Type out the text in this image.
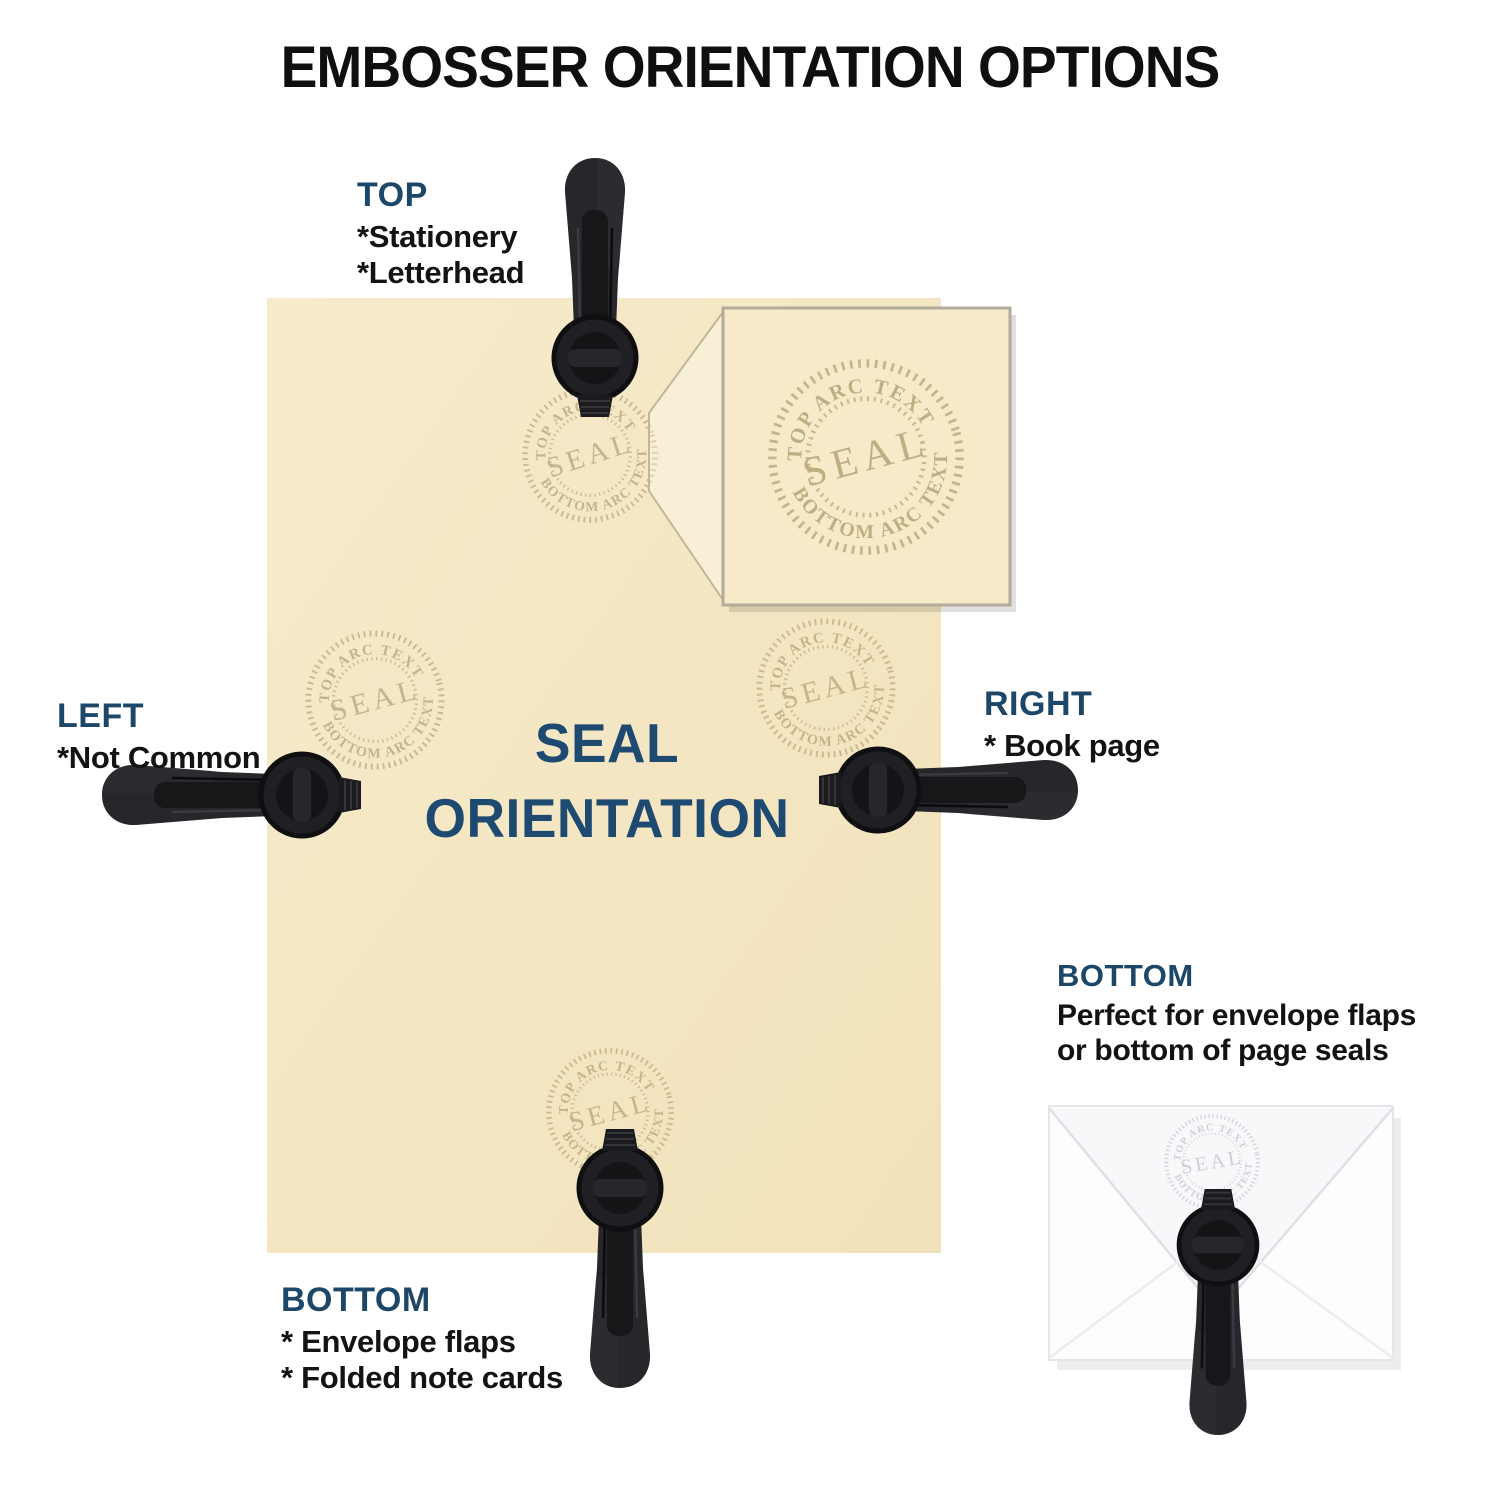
TOP ARC TEXT
BOTTOM ARC TEXT
SEAL	EMBOSSER ORIENTATION OPTIONS
SEAL
ORIENTATION
TOP
*Stationery
*Letterhead
LEFT
*Not Common
RIGHT
* Book page
BOTTOM
* Envelope flaps
* Folded note cards
BOTTOM
Perfect for envelope flaps
or bottom of page seals
